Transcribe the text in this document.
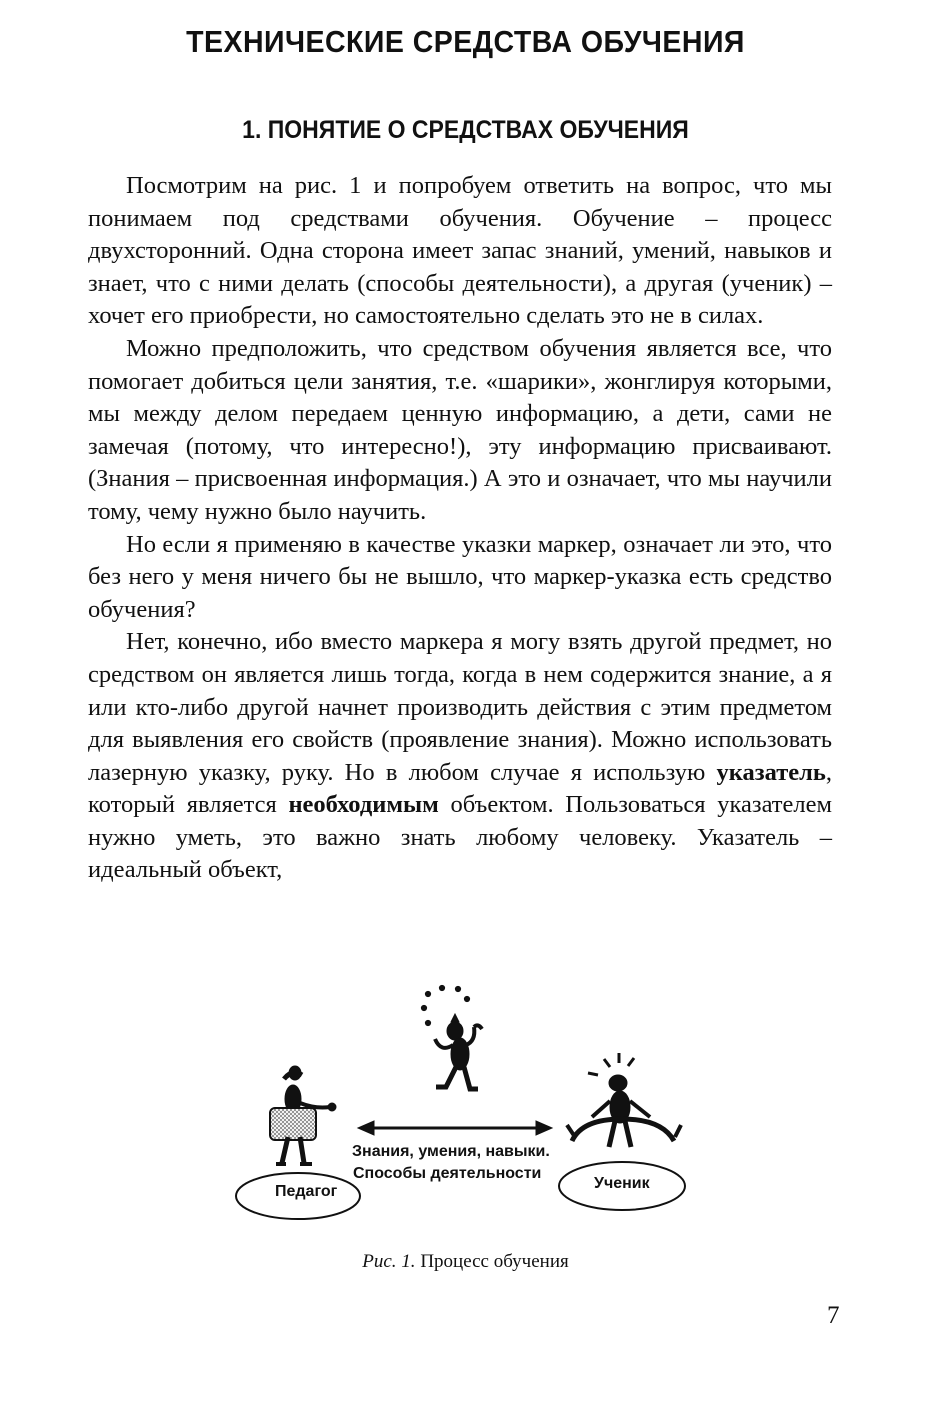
ТЕХНИЧЕСКИЕ СРЕДСТВА ОБУЧЕНИЯ
1. ПОНЯТИЕ О СРЕДСТВАХ ОБУЧЕНИЯ

Посмотрим на рис. 1 и попробуем ответить на вопрос, что мы понимаем под средствами обучения. Обучение – процесс двухсторонний. Одна сторона имеет запас знаний, умений, навыков и знает, что с ними делать (способы деятельности), а другая (ученик) – хочет его приобрести, но самостоятельно сделать это не в силах.

Можно предположить, что средством обучения является все, что помогает добиться цели занятия, т.е. «шарики», жонглируя которыми, мы между делом передаем ценную информацию, а дети, сами не замечая (потому, что интересно!), эту информацию присваивают. (Знания – присвоенная информация.) А это и означает, что мы научили тому, чему нужно было научить.

Но если я применяю в качестве указки маркер, означает ли это, что без него у меня ничего бы не вышло, что маркер-указка есть средство обучения?

Нет, конечно, ибо вместо маркера я могу взять другой предмет, но средством он является лишь тогда, когда в нем содержится знание, а я или кто-либо другой начнет производить действия с этим предметом для выявления его свойств (проявление знания). Можно использовать лазерную указку, руку. Но в любом случае я использую указатель, который является необходимым объектом. Пользоваться указателем нужно уметь, это важно знать любому человеку. Указатель – идеальный объект,

Педагог	Ученик
Знания, умения, навыки.
Способы деятельности
Рис. 1. Процесс обучения
7
